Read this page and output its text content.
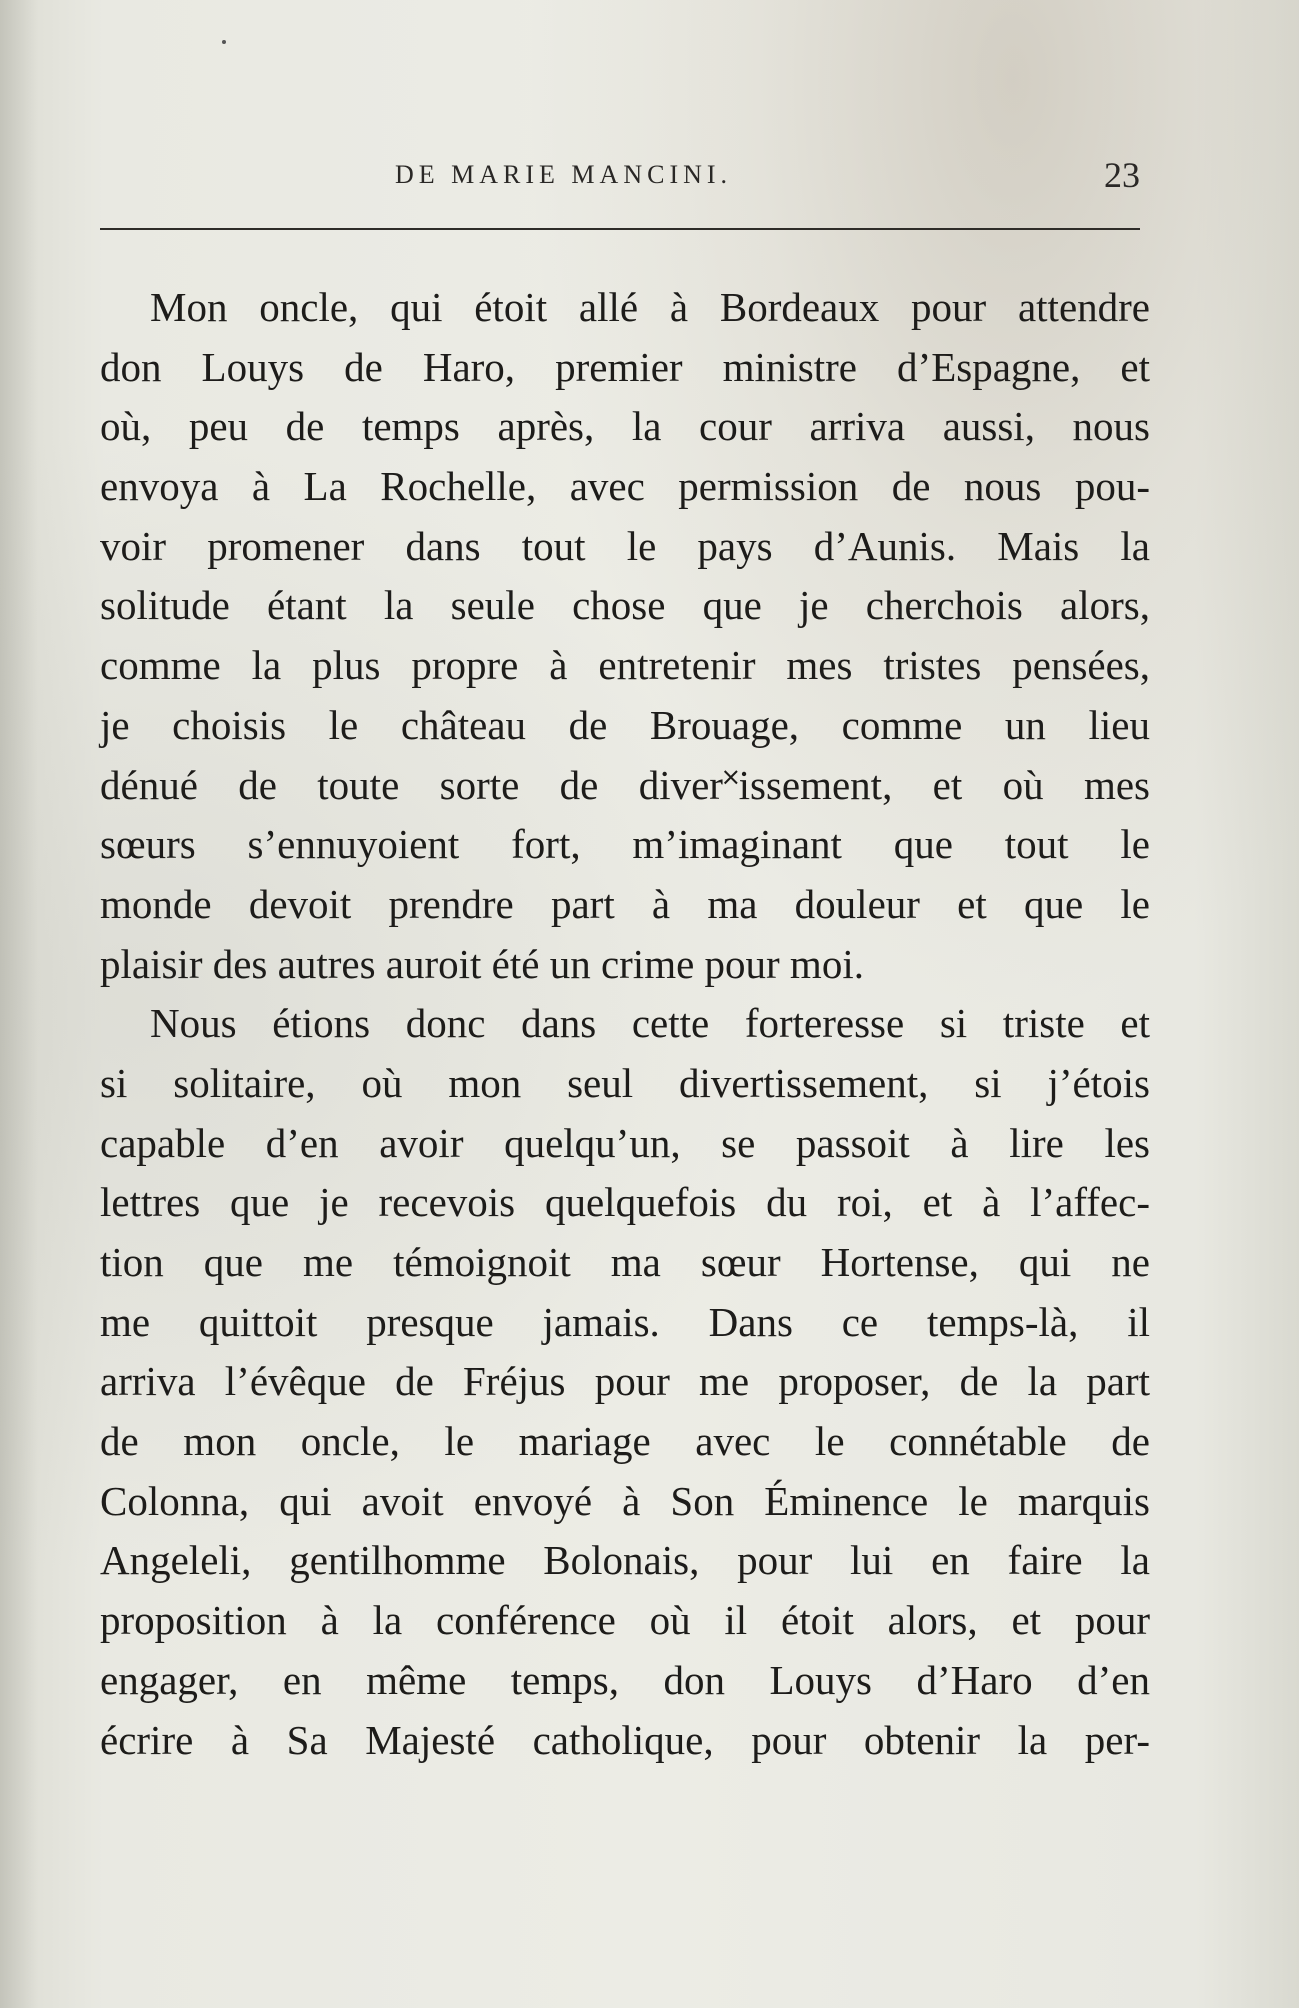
DE MARIE MANCINI.	23

Mon oncle, qui étoit allé à Bordeaux pour attendre
don Louys de Haro, premier ministre d’Espagne, et
où, peu de temps après, la cour arriva aussi, nous
envoya à La Rochelle, avec permission de nous pou-
voir promener dans tout le pays d’Aunis. Mais la
solitude étant la seule chose que je cherchois alors,
comme la plus propre à entretenir mes tristes pensées,
je choisis le château de Brouage, comme un lieu
dénué de toute sorte de diver˟issement, et où mes
sœurs s’ennuyoient fort, m’imaginant que tout le
monde devoit prendre part à ma douleur et que le
plaisir des autres auroit été un crime pour moi.

Nous étions donc dans cette forteresse si triste et
si solitaire, où mon seul divertissement, si j’étois
capable d’en avoir quelqu’un, se passoit à lire les
lettres que je recevois quelquefois du roi, et à l’affec-
tion que me témoignoit ma sœur Hortense, qui ne
me quittoit presque jamais. Dans ce temps-là, il
arriva l’évêque de Fréjus pour me proposer, de la part
de mon oncle, le mariage avec le connétable de
Colonna, qui avoit envoyé à Son Éminence le marquis
Angeleli, gentilhomme Bolonais, pour lui en faire la
proposition à la conférence où il étoit alors, et pour
engager, en même temps, don Louys d’Haro d’en
écrire à Sa Majesté catholique, pour obtenir la per-
